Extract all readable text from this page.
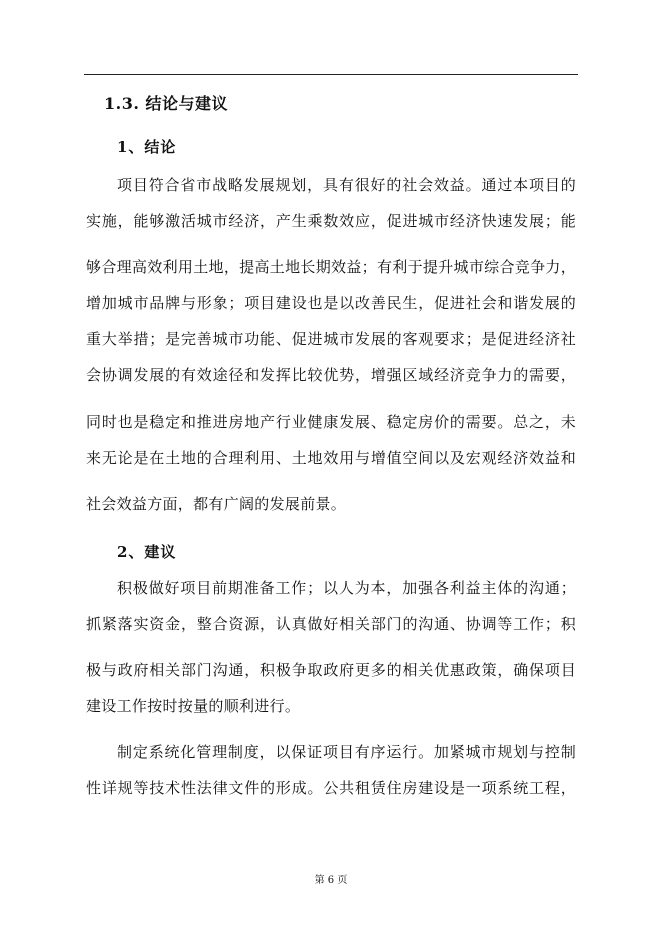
1.3. 结论与建议
1、结论
项目符合省市战略发展规划，具有很好的社会效益。通过本项目的
实施，能够激活城市经济，产生乘数效应，促进城市经济快速发展；能
够合理高效利用土地，提高土地长期效益；有利于提升城市综合竞争力，
增加城市品牌与形象；项目建设也是以改善民生，促进社会和谐发展的
重大举措；是完善城市功能、促进城市发展的客观要求；是促进经济社
会协调发展的有效途径和发挥比较优势，增强区域经济竞争力的需要，
同时也是稳定和推进房地产行业健康发展、稳定房价的需要。总之，未
来无论是在土地的合理利用、土地效用与增值空间以及宏观经济效益和
社会效益方面，都有广阔的发展前景。
2、建议
积极做好项目前期准备工作；以人为本，加强各利益主体的沟通；
抓紧落实资金，整合资源，认真做好相关部门的沟通、协调等工作；积
极与政府相关部门沟通，积极争取政府更多的相关优惠政策，确保项目
建设工作按时按量的顺利进行。
制定系统化管理制度，以保证项目有序运行。加紧城市规划与控制
性详规等技术性法律文件的形成。公共租赁住房建设是一项系统工程，
第 6 页
